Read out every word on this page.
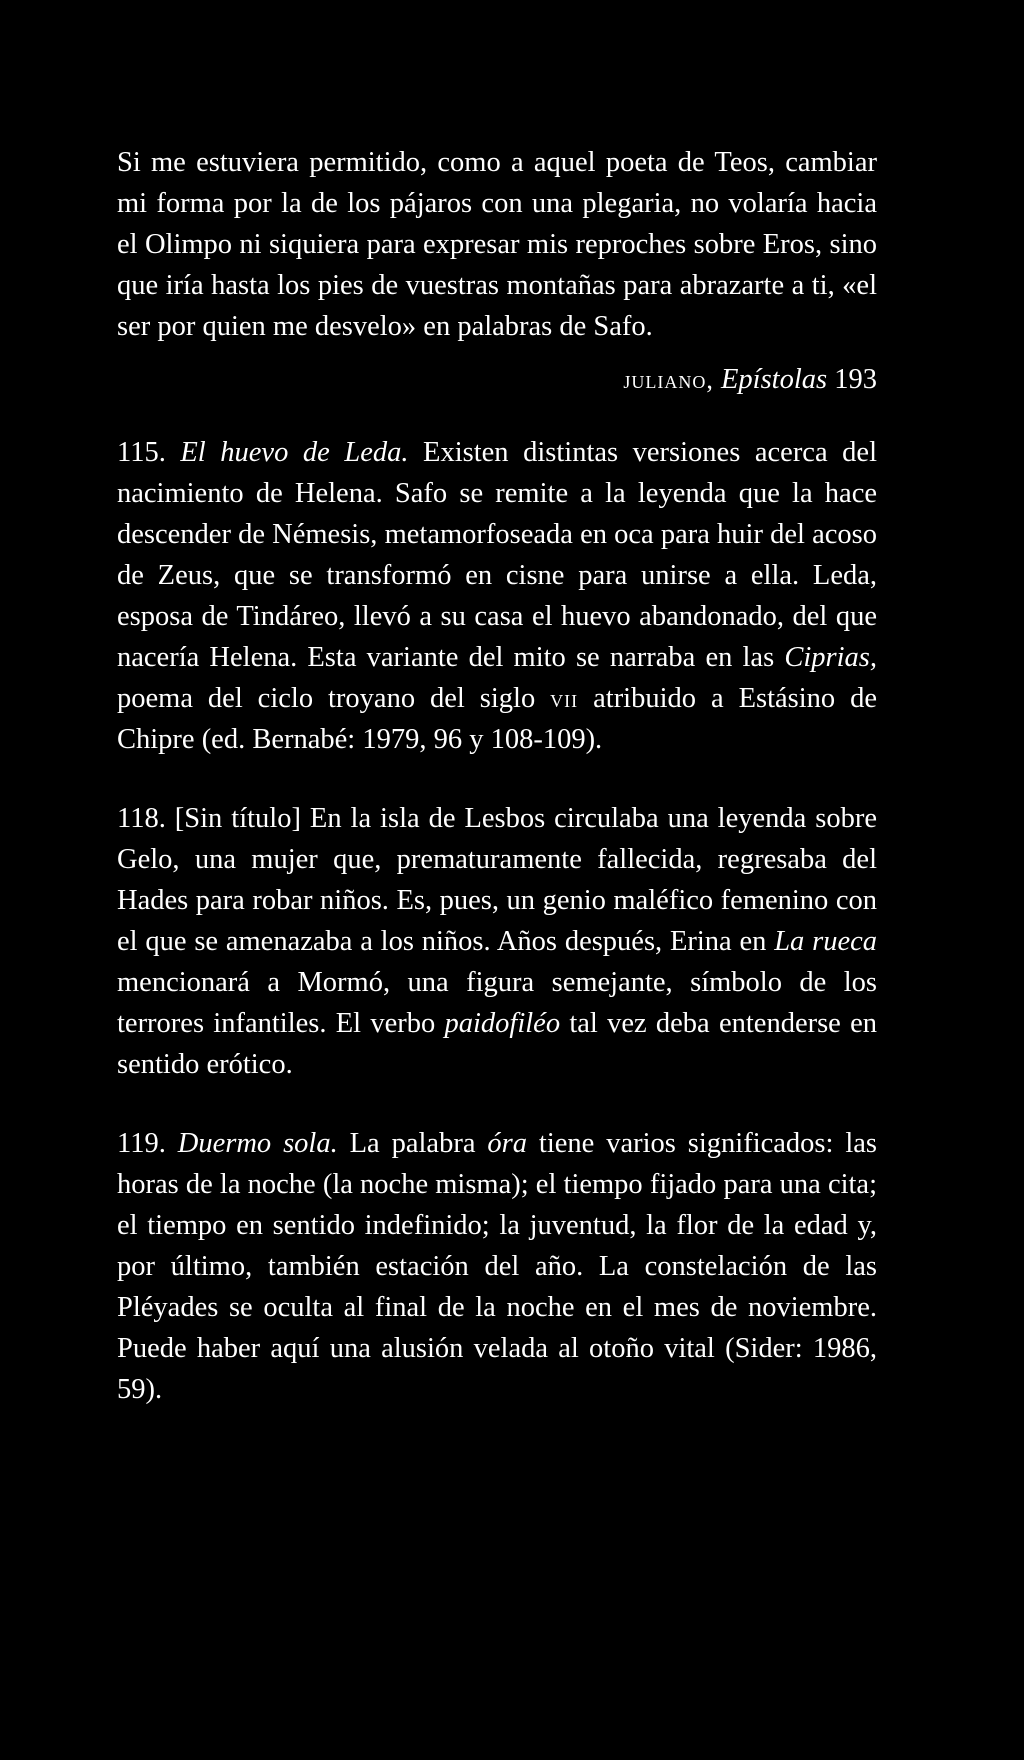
Si me estuviera permitido, como a aquel poeta de Teos, cambiar mi forma por la de los pájaros con una plegaria, no volaría hacia el Olimpo ni siquiera para expresar mis reproches sobre Eros, sino que iría hasta los pies de vuestras montañas para abrazarte a ti, «el ser por quien me desvelo» en palabras de Safo.

juliano, Epístolas 193

115. El huevo de Leda. Existen distintas versiones acerca del nacimiento de Helena. Safo se remite a la leyenda que la hace descender de Némesis, metamorfoseada en oca para huir del acoso de Zeus, que se transformó en cisne para unirse a ella. Leda, esposa de Tindáreo, llevó a su casa el huevo abandonado, del que nacería Helena. Esta variante del mito se narraba en las Ciprias, poema del ciclo troyano del siglo vii atribuido a Estásino de Chipre (ed. Bernabé: 1979, 96 y 108-109).

118. [Sin título] En la isla de Lesbos circulaba una leyenda sobre Gelo, una mujer que, prematuramente fallecida, regresaba del Hades para robar niños. Es, pues, un genio maléfico femenino con el que se amenazaba a los niños. Años después, Erina en La rueca mencionará a Mormó, una figura semejante, símbolo de los terrores infantiles. El verbo paidofiléo tal vez deba entenderse en sentido erótico.

119. Duermo sola. La palabra óra tiene varios significados: las horas de la noche (la noche misma); el tiempo fijado para una cita; el tiempo en sentido indefinido; la juventud, la flor de la edad y, por último, también estación del año. La constelación de las Pléyades se oculta al final de la noche en el mes de noviembre. Puede haber aquí una alusión velada al otoño vital (Sider: 1986, 59).
